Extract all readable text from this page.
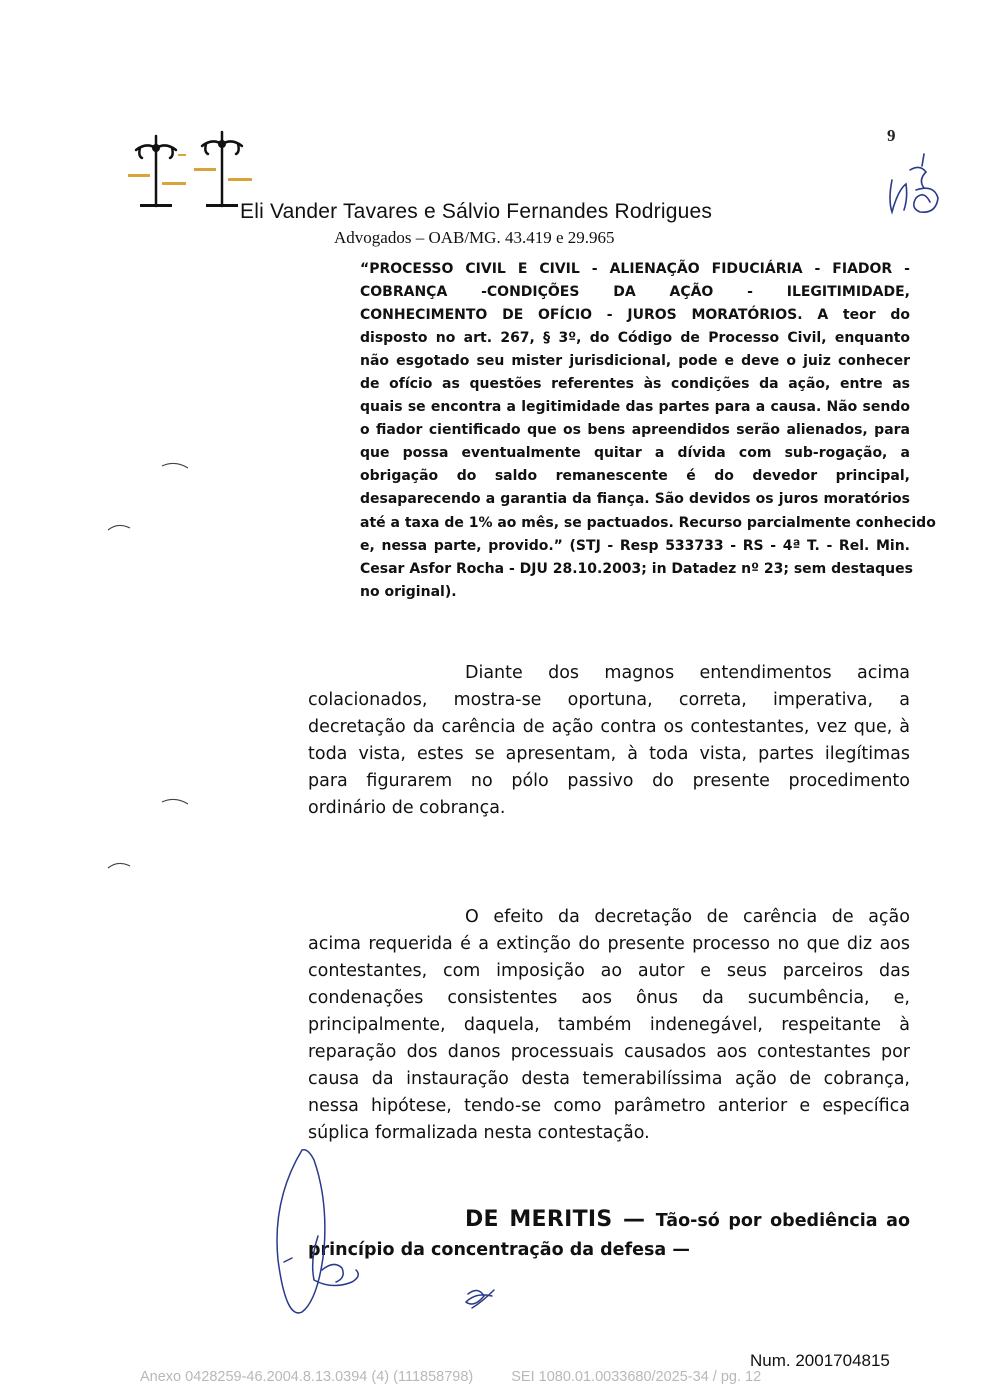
9
Eli Vander Tavares e Sálvio Fernandes Rodrigues
Advogados – OAB/MG. 43.419 e 29.965
“PROCESSO CIVIL E CIVIL - ALIENAÇÃO FIDUCIÁRIA - FIADOR -
COBRANÇA -CONDIÇÕES DA AÇÃO - ILEGITIMIDADE,
CONHECIMENTO DE OFÍCIO - JUROS MORATÓRIOS. A teor do
disposto no art. 267, § 3º, do Código de Processo Civil, enquanto
não esgotado seu mister jurisdicional, pode e deve o juiz conhecer
de ofício as questões referentes às condições da ação, entre as
quais se encontra a legitimidade das partes para a causa. Não sendo
o fiador cientificado que os bens apreendidos serão alienados, para
que possa eventualmente quitar a dívida com sub-rogação, a
obrigação do saldo remanescente é do devedor principal,
desaparecendo a garantia da fiança. São devidos os juros moratórios
até a taxa de 1% ao mês, se pactuados. Recurso parcialmente conhecido
e, nessa parte, provido.” (STJ - Resp 533733 - RS - 4ª T. - Rel. Min.
Cesar Asfor Rocha - DJU 28.10.2003; in Datadez nº 23; sem destaques
no original).
Diante dos magnos entendimentos acima
colacionados, mostra-se oportuna, correta, imperativa, a
decretação da carência de ação contra os contestantes, vez que, à
toda vista, estes se apresentam, à toda vista, partes ilegítimas
para figurarem no pólo passivo do presente procedimento
ordinário de cobrança.
O efeito da decretação de carência de ação
acima requerida é a extinção do presente processo no que diz aos
contestantes, com imposição ao autor e seus parceiros das
condenações consistentes aos ônus da sucumbência, e,
principalmente, daquela, também indenegável, respeitante à
reparação dos danos processuais causados aos contestantes por
causa da instauração desta temerabilíssima ação de cobrança,
nessa hipótese, tendo-se como parâmetro anterior e específica
súplica formalizada nesta contestação.
DE MERITIS — Tão-só por obediência ao
princípio da concentração da defesa —
Num. 2001704815
Anexo 0428259-46.2004.8.13.0394 (4) (111858798)	SEI 1080.01.0033680/2025-34 / pg. 12
